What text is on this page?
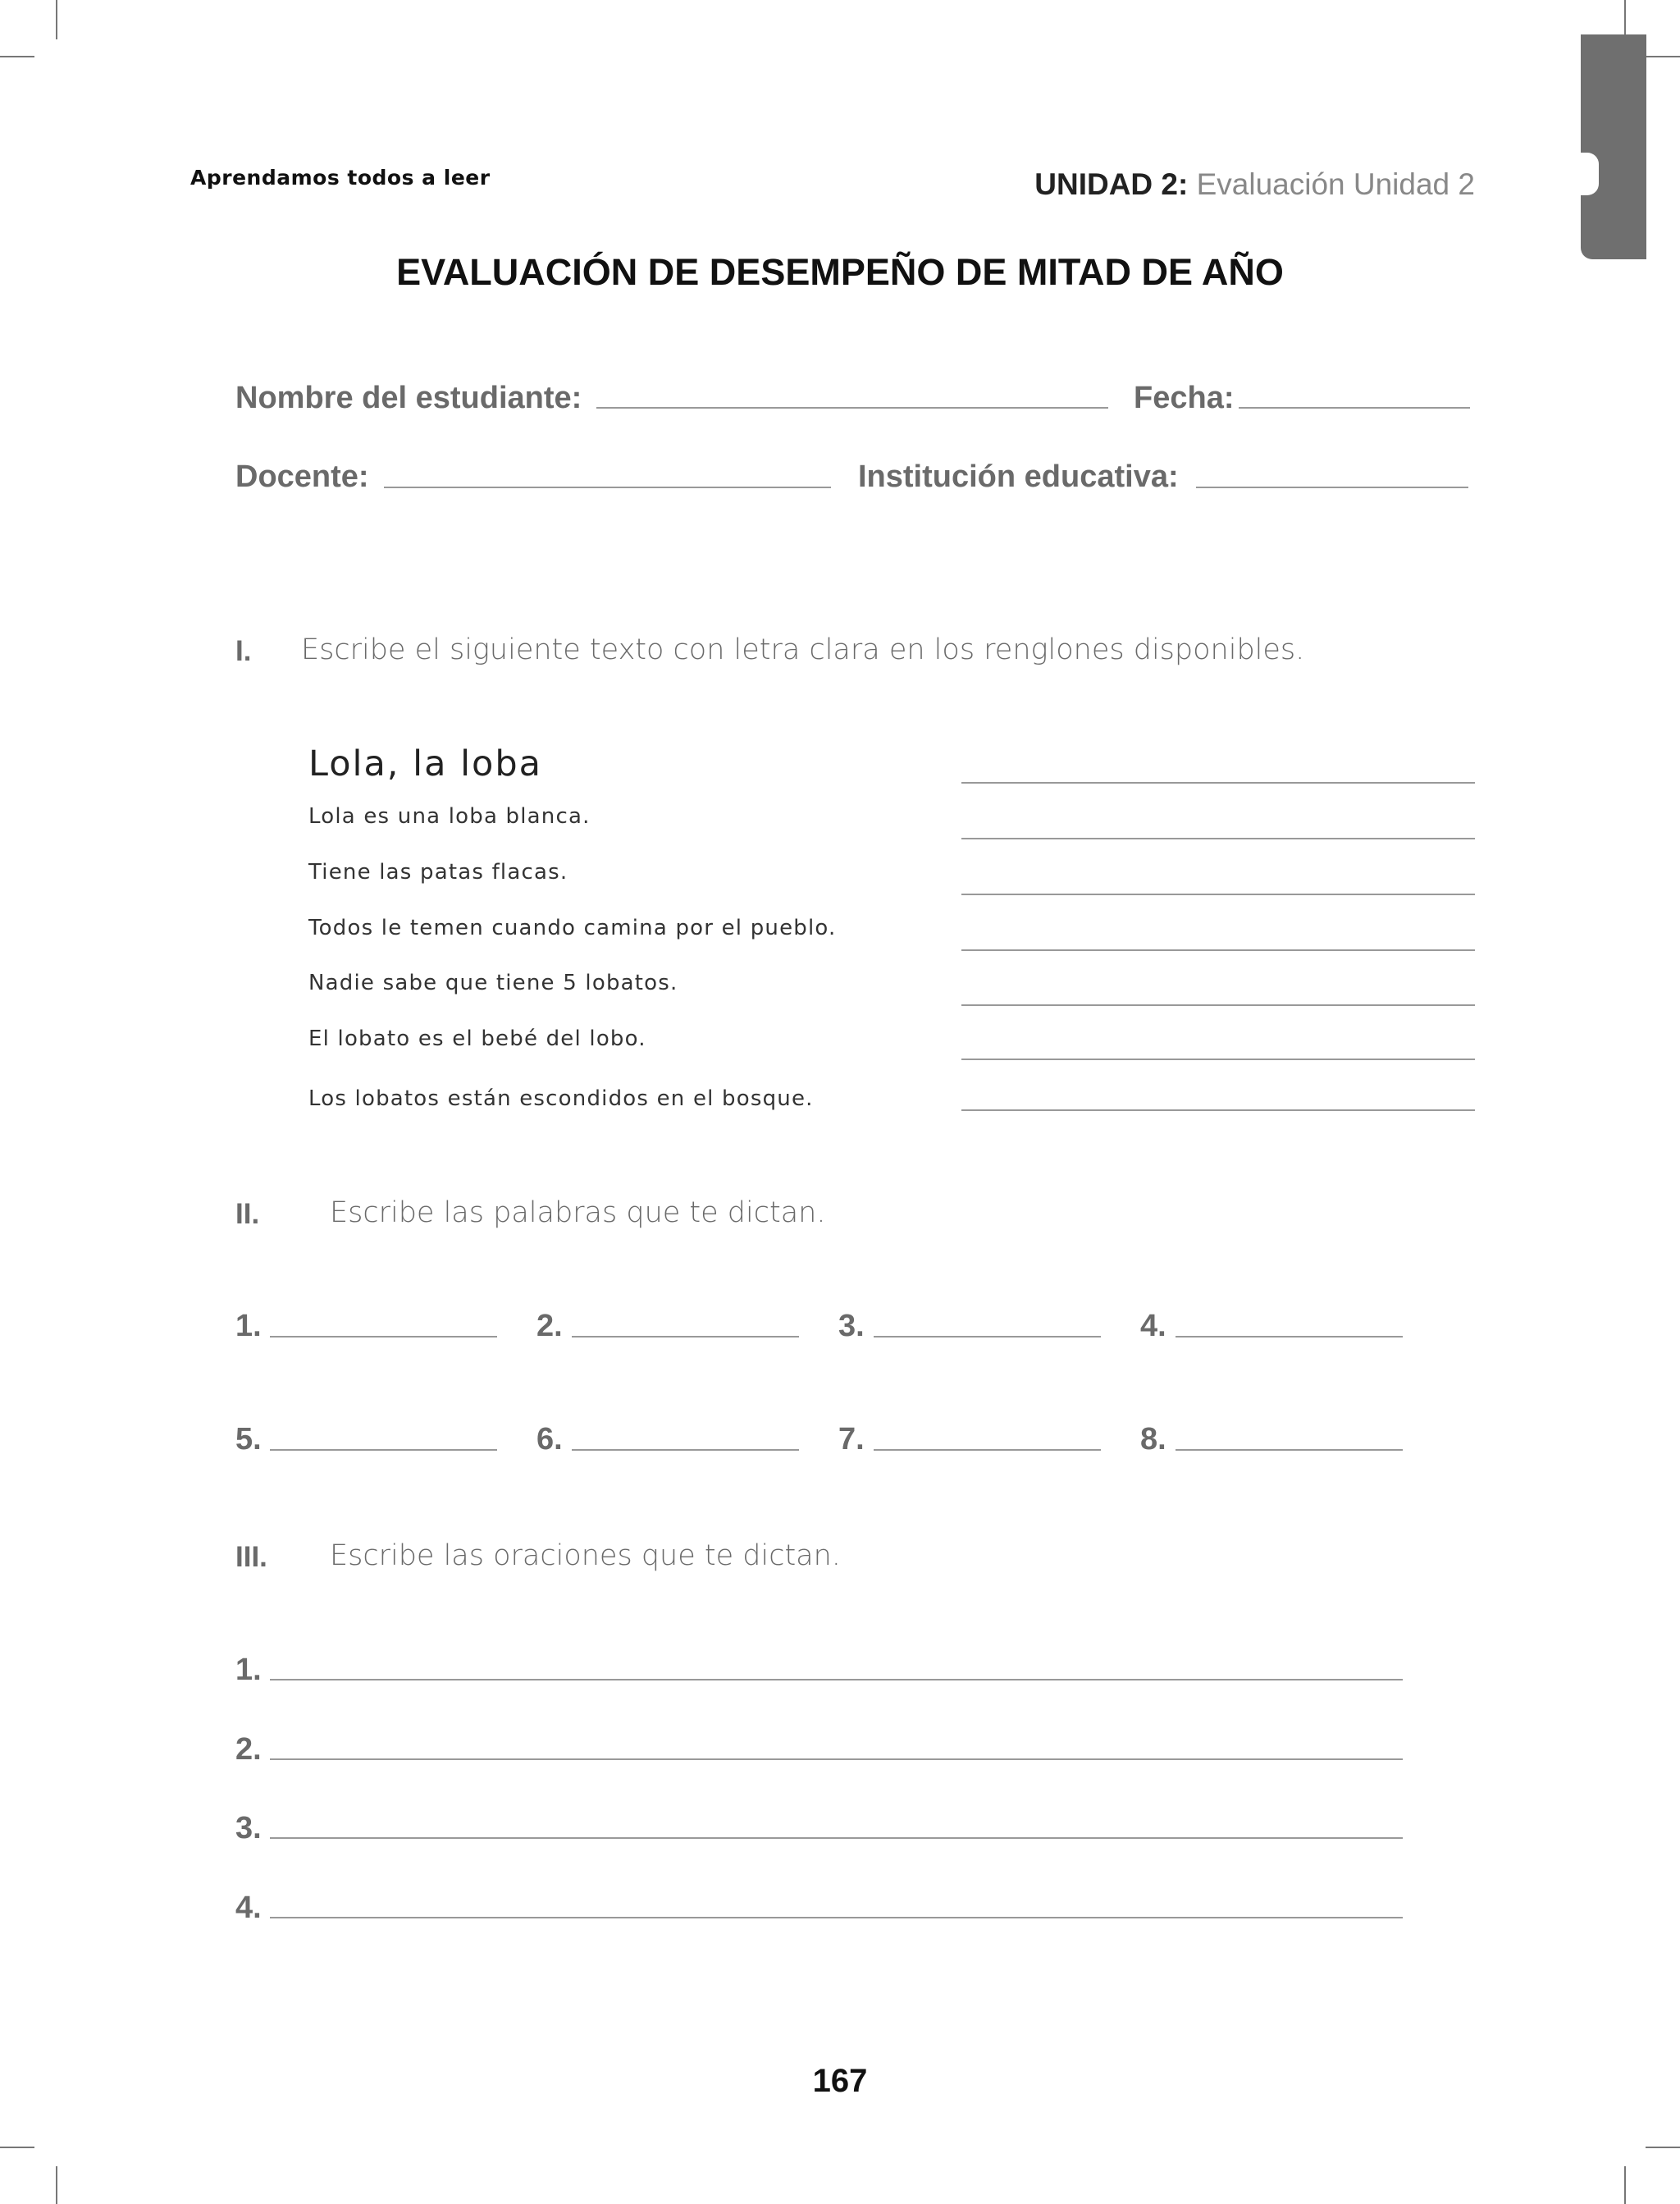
Aprendamos todos a leer	UNIDAD 2: Evaluación Unidad 2
EVALUACIÓN DE DESEMPEÑO DE MITAD DE AÑO
Nombre del estudiante:	Fecha:
Docente:	Institución educativa:
I. Escribe el siguiente texto con letra clara en los renglones disponibles.
Lola, la loba
Lola es una loba blanca.
Tiene las patas flacas.
Todos le temen cuando camina por el pueblo.
Nadie sabe que tiene 5 lobatos.
El lobato es el bebé del lobo.
Los lobatos están escondidos en el bosque.
II. Escribe las palabras que te dictan.
1.	2.	3.	4.
5.	6.	7.	8.
III. Escribe las oraciones que te dictan.
1.
2.
3.
4.
167
